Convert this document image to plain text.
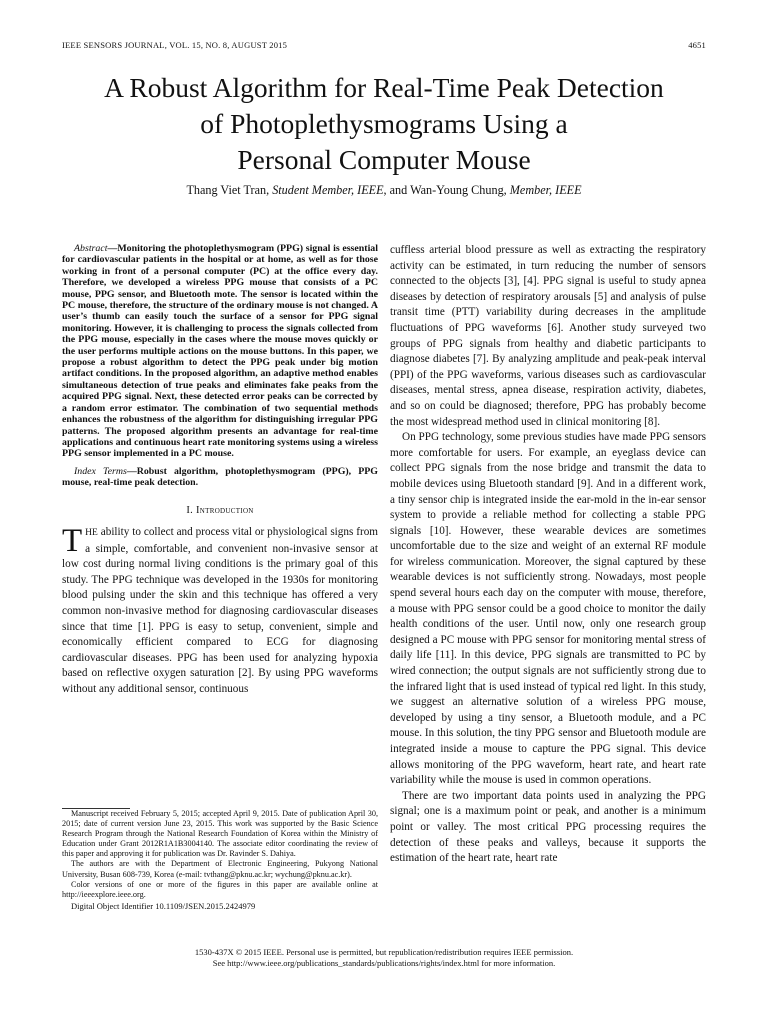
IEEE SENSORS JOURNAL, VOL. 15, NO. 8, AUGUST 2015	4651
A Robust Algorithm for Real-Time Peak Detection
of Photoplethysmograms Using a
Personal Computer Mouse
Thang Viet Tran, Student Member, IEEE, and Wan-Young Chung, Member, IEEE

Abstract—Monitoring the photoplethysmogram (PPG) signal is essential for cardiovascular patients in the hospital or at home, as well as for those working in front of a personal computer (PC) at the office every day. Therefore, we developed a wireless PPG mouse that consists of a PC mouse, PPG sensor, and Bluetooth mote. The sensor is located within the PC mouse, therefore, the structure of the ordinary mouse is not changed. A user’s thumb can easily touch the surface of a sensor for PPG signal monitoring. However, it is challenging to process the signals collected from the PPG mouse, especially in the cases where the mouse moves quickly or the user performs multiple actions on the mouse buttons. In this paper, we propose a robust algorithm to detect the PPG peak under big motion artifact conditions. In the proposed algorithm, an adaptive method enables simultaneous detection of true peaks and eliminates fake peaks from the acquired PPG signal. Next, these detected error peaks can be corrected by a random error estimator. The combination of two sequential methods enhances the robustness of the algorithm for distinguishing irregular PPG patterns. The proposed algorithm presents an advantage for real-time applications and continuous heart rate monitoring systems using a wireless PPG sensor implemented in a PC mouse.

Index Terms—Robust algorithm, photoplethysmogram (PPG), PPG mouse, real-time peak detection.

I. Introduction

THE ability to collect and process vital or physiological signs from a simple, comfortable, and convenient non-invasive sensor at low cost during normal living conditions is the primary goal of this study. The PPG technique was developed in the 1930s for monitoring blood pulsing under the skin and this technique has offered a very common non-invasive method for diagnosing cardiovascular diseases since that time [1]. PPG is easy to setup, convenient, simple and economically efficient compared to ECG for diagnosing cardiovascular diseases. PPG has been used for analyzing hypoxia based on reflective oxygen saturation [2]. By using PPG waveforms without any additional sensor, continuous

Manuscript received February 5, 2015; accepted April 9, 2015. Date of publication April 30, 2015; date of current version June 23, 2015. This work was supported by the Basic Science Research Program through the National Research Foundation of Korea within the Ministry of Education under Grant 2012R1A1B3004140. The associate editor coordinating the review of this paper and approving it for publication was Dr. Ravinder S. Dahiya.

The authors are with the Department of Electronic Engineering, Pukyong National University, Busan 608-739, Korea (e-mail: tvthang@pknu.ac.kr; wychung@pknu.ac.kr).

Color versions of one or more of the figures in this paper are available online at http://ieeexplore.ieee.org.

Digital Object Identifier 10.1109/JSEN.2015.2424979

cuffless arterial blood pressure as well as extracting the respiratory activity can be estimated, in turn reducing the number of sensors connected to the objects [3], [4]. PPG signal is useful to study apnea diseases by detection of respiratory arousals [5] and analysis of pulse transit time (PTT) variability during decreases in the amplitude fluctuations of PPG waveforms [6]. Another study surveyed two groups of PPG signals from healthy and diabetic participants to diagnose diabetes [7]. By analyzing amplitude and peak-peak interval (PPI) of the PPG waveforms, various diseases such as cardiovascular diseases, mental stress, apnea disease, respiration activity, diabetes, and so on could be diagnosed; therefore, PPG has probably become the most widespread method used in clinical monitoring [8].

On PPG technology, some previous studies have made PPG sensors more comfortable for users. For example, an eyeglass device can collect PPG signals from the nose bridge and transmit the data to mobile devices using Bluetooth standard [9]. And in a different work, a tiny sensor chip is integrated inside the ear-mold in the in-ear sensor system to provide a reliable method for collecting a stable PPG signals [10]. However, these wearable devices are sometimes uncomfortable due to the size and weight of an external RF module for wireless communication. Moreover, the signal captured by these wearable devices is not sufficiently strong. Nowadays, most people spend several hours each day on the computer with mouse, therefore, a mouse with PPG sensor could be a good choice to monitor the daily health conditions of the user. Until now, only one research group designed a PC mouse with PPG sensor for monitoring mental stress of daily life [11]. In this device, PPG signals are transmitted to PC by wired connection; the output signals are not sufficiently strong due to the infrared light that is used instead of typical red light. In this study, we suggest an alternative solution of a wireless PPG mouse, developed by using a tiny sensor, a Bluetooth module, and a PC mouse. In this solution, the tiny PPG sensor and Bluetooth module are integrated inside a mouse to capture the PPG signal. This device allows monitoring of the PPG waveform, heart rate, and heart rate variability while the mouse is used in common operations.

There are two important data points used in analyzing the PPG signal; one is a maximum point or peak, and another is a minimum point or valley. The most critical PPG processing requires the detection of these peaks and valleys, because it supports the estimation of the heart rate, heart rate

1530-437X © 2015 IEEE. Personal use is permitted, but republication/redistribution requires IEEE permission.
See http://www.ieee.org/publications_standards/publications/rights/index.html for more information.
